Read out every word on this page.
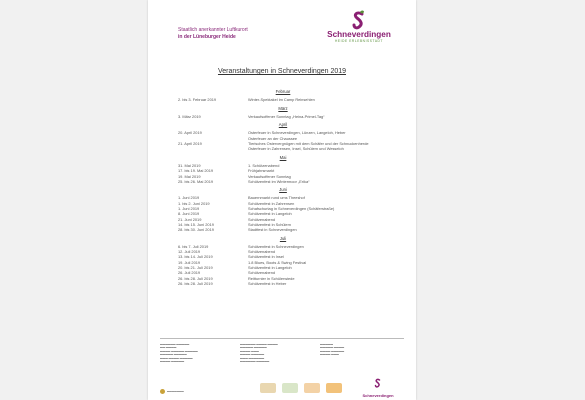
Staatlich anerkannter Luftkurort
in der Lüneburger Heide	Schneverdingen
HEIDE ERLEBNISSTADT
Veranstaltungen in Schneverdingen 2019
Februar
2. bis 3. Februar 2019	Winter-Spektakel im Camp Reinsehlen
März
3. März 2019	Verkaufsoffener Sonntag „Heina-Primel-Tag“
April
20. April 2019	Osterfeuer in Schneverdingen, Lünzen, Langeloh, Heber
Osterfeuer an der Chaussee
21. April 2019	Tierisches Ostervergnügen mit dem Schäfer und der Schnuckenherde
Osterfeuer in Zahrensen, Insel, Schülern und Wesseloh
Mai
31. Mai 2019	1. Schützenabend
17. bis 19. Mai 2019	Frühjahrsmarkt
19. Mai 2019	Verkaufsoffener Sonntag
25. bis 26. Mai 2019	Schützenfest im Wintermoor „Erika“
Juni
1. Juni 2019	Bauernmarkt rund ums Theeshof
1. bis 2. Juni 2019	Schützenfest in Zahrensen
1. Juni 2019	Schafschurtag in Schneverdingen (Schäferstraße)
8. Juni 2019	Schützenfest in Langeloh
21. Juni 2019	Schützenabend
14. bis 15. Juni 2019	Schützenfest in Schülern
28. bis 30. Juni 2019	Stadtfest in Schneverdingen
Juli
6. bis 7. Juli 2019	Schützenfest in Schneverdingen
12. Juli 2019	Schützenabend
13. bis 14. Juli 2019	Schützenfest in Insel
19. Juli 2019	1.8 Blues, Boots & Swing Festival
20. bis 21. Juli 2019	Schützenfest in Langeloh
26. Juli 2019	Schützenabend
26. bis 28. Juli 2019	Reitturnier in Schülerwiede
26. bis 28. Juli 2019	Schützenfest in Heber
▬▬▬▬▬▬ ▬▬▬▬▬
▬▬ ▬▬▬▬
▬▬▬▬ ▬▬▬▬▬ ▬▬▬▬▬
▬▬▬▬▬ ▬▬▬▬▬
▬▬▬ ▬▬▬▬ ▬▬▬▬▬
▬▬▬▬ ▬▬▬▬▬
▬▬▬▬▬▬ ▬▬▬▬ ▬▬▬▬
▬▬▬▬▬ ▬▬▬▬▬
▬▬▬▬ ▬▬▬
▬▬▬▬ ▬▬▬▬▬
▬▬▬ ▬▬▬▬▬▬
▬▬▬▬▬▬ ▬▬▬▬▬
▬▬▬▬▬
▬▬▬▬▬ ▬▬▬▬
▬▬▬▬ ▬▬▬▬▬
▬▬▬▬ ▬▬▬
Schneverdingen
▬▬▬▬▬▬▬
